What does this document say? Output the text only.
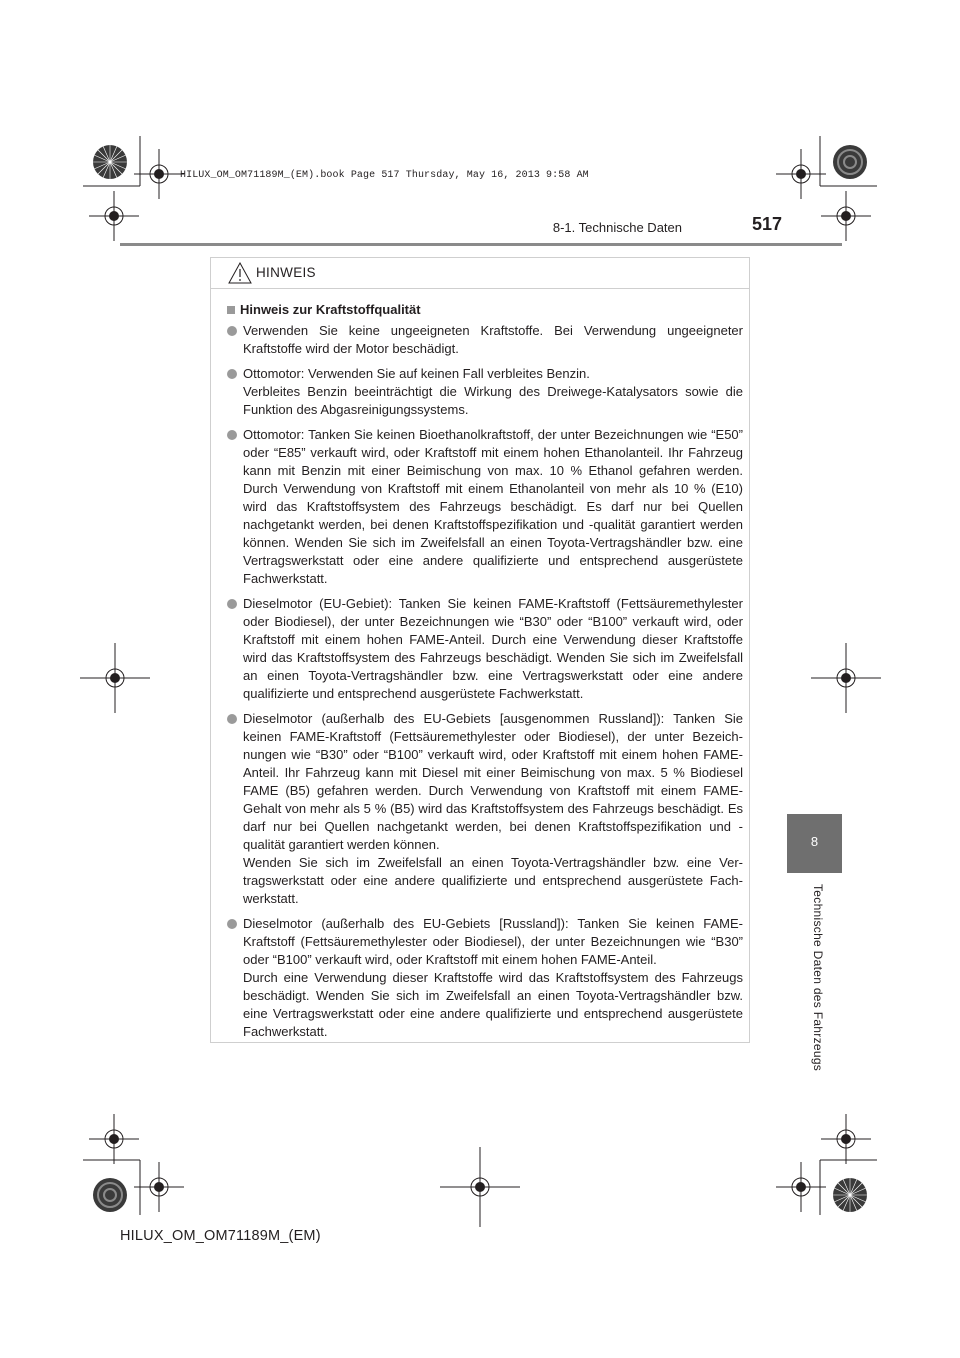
HILUX_OM_OM71189M_(EM).book Page 517 Thursday, May 16, 2013 9:58 AM
517
8-1. Technische Daten
8
Technische Daten des Fahrzeugs
HINWEIS
Hinweis zur Kraftstoffqualität

Verwenden Sie keine ungeeigneten Kraftstoffe. Bei Verwendung ungeeigneter Kraftstoffe wird der Motor beschädigt.

Ottomotor: Verwenden Sie auf keinen Fall verbleites Benzin.

Verbleites Benzin beeinträchtigt die Wirkung des Dreiwege-Katalysators sowie die Funktion des Abgasreinigungssystems.

Ottomotor: Tanken Sie keinen Bioethanolkraftstoff, der unter Bezeichnungen wie “E50” oder “E85” verkauft wird, oder Kraftstoff mit einem hohen Ethanolanteil. Ihr Fahrzeug kann mit Benzin mit einer Beimischung von max. 10 % Ethanol gefahren werden. Durch Verwendung von Kraftstoff mit einem Ethanolanteil von mehr als 10 % (E10) wird das Kraftstoffsystem des Fahrzeugs beschädigt. Es darf nur bei Quellen nachgetankt werden, bei denen Kraftstoffspezifikation und -qualität garantiert werden können. Wenden Sie sich im Zweifelsfall an einen Toyota-Vertragshändler bzw. eine Vertragswerkstatt oder eine andere qualifizierte und entsprechend ausgerüstete Fachwerkstatt.

Dieselmotor (EU-Gebiet): Tanken Sie keinen FAME-Kraftstoff (Fettsäuremethylester oder Biodiesel), der unter Bezeichnungen wie “B30” oder “B100” verkauft wird, oder Kraftstoff mit einem hohen FAME-Anteil. Durch eine Verwendung dieser Kraftstoffe wird das Kraftstoffsystem des Fahrzeugs beschädigt. Wenden Sie sich im Zweifelsfall an einen Toyota-Vertragshändler bzw. eine Vertragswerkstatt oder eine andere qualifizierte und entsprechend ausgerüstete Fachwerkstatt.

Dieselmotor (außerhalb des EU-Gebiets [ausgenommen Russland]): Tanken Sie keinen FAME-Kraftstoff (Fettsäuremethylester oder Biodiesel), der unter Bezeichnungen wie “B30” oder “B100” verkauft wird, oder Kraftstoff mit einem hohen FAME-Anteil. Ihr Fahrzeug kann mit Diesel mit einer Beimischung von max. 5 % Biodiesel FAME (B5) gefahren werden. Durch Verwendung von Kraftstoff mit einem FAME-Gehalt von mehr als 5 % (B5) wird das Kraftstoffsystem des Fahrzeugs beschädigt. Es darf nur bei Quellen nachgetankt werden, bei denen Kraftstoffspezifikation und -qualität garantiert werden können.

Wenden Sie sich im Zweifelsfall an einen Toyota-Vertragshändler bzw. eine Vertragswerkstatt oder eine andere qualifizierte und entsprechend ausgerüstete Fachwerkstatt.

Dieselmotor (außerhalb des EU-Gebiets [Russland]): Tanken Sie keinen FAME-Kraftstoff (Fettsäuremethylester oder Biodiesel), der unter Bezeichnungen wie “B30” oder “B100” verkauft wird, oder Kraftstoff mit einem hohen FAME-Anteil.

Durch eine Verwendung dieser Kraftstoffe wird das Kraftstoffsystem des Fahrzeugs beschädigt. Wenden Sie sich im Zweifelsfall an einen Toyota-Vertragshändler bzw. eine Vertragswerkstatt oder eine andere qualifizierte und entsprechend ausgerüstete Fachwerkstatt.

HILUX_OM_OM71189M_(EM)
